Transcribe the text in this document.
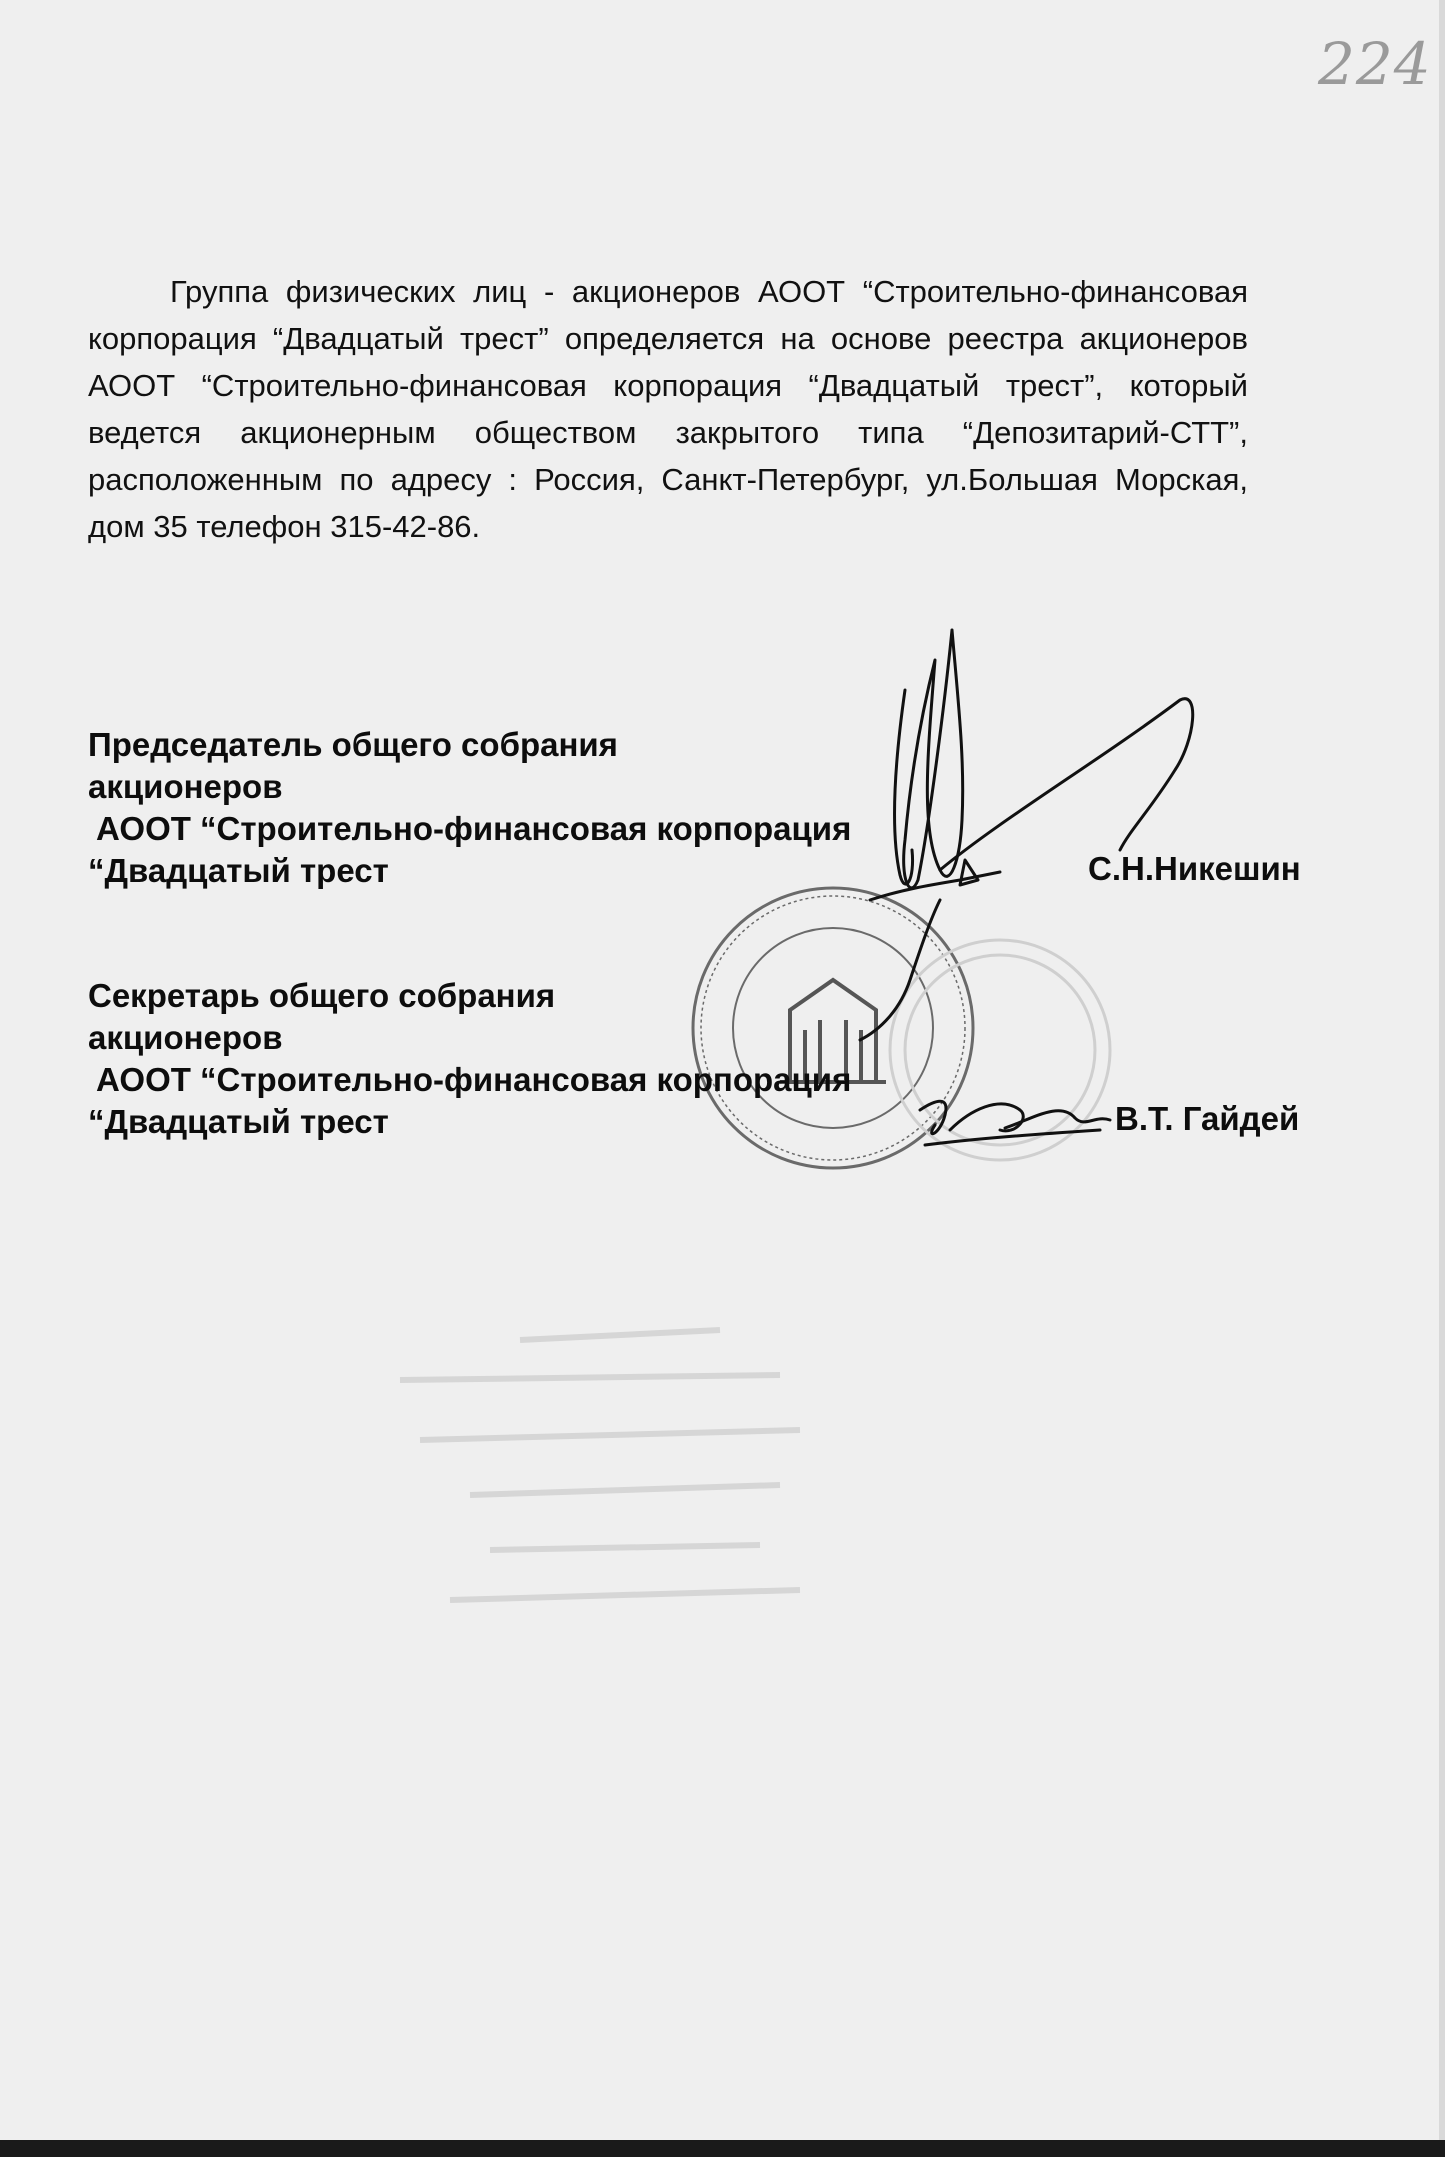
224
Группа физических лиц - акционеров АООТ “Строительно-финансовая корпорация “Двадцатый трест” определяется на основе реестра акционеров АООТ “Строительно-финансовая корпорация “Двадцатый трест”, который ведется акционерным обществом закрытого типа “Депозитарий-СТТ”, расположенным по адресу : Россия, Санкт-Петербург, ул.Большая Морская, дом 35 телефон 315-42-86.
Председатель общего собрания
акционеров
АООТ “Строительно-финансовая корпорация
“Двадцатый трест	С.Н.Никешин
Секретарь общего собрания
акционеров
АООТ “Строительно-финансовая корпорация
“Двадцатый трест	В.Т. Гайдей
